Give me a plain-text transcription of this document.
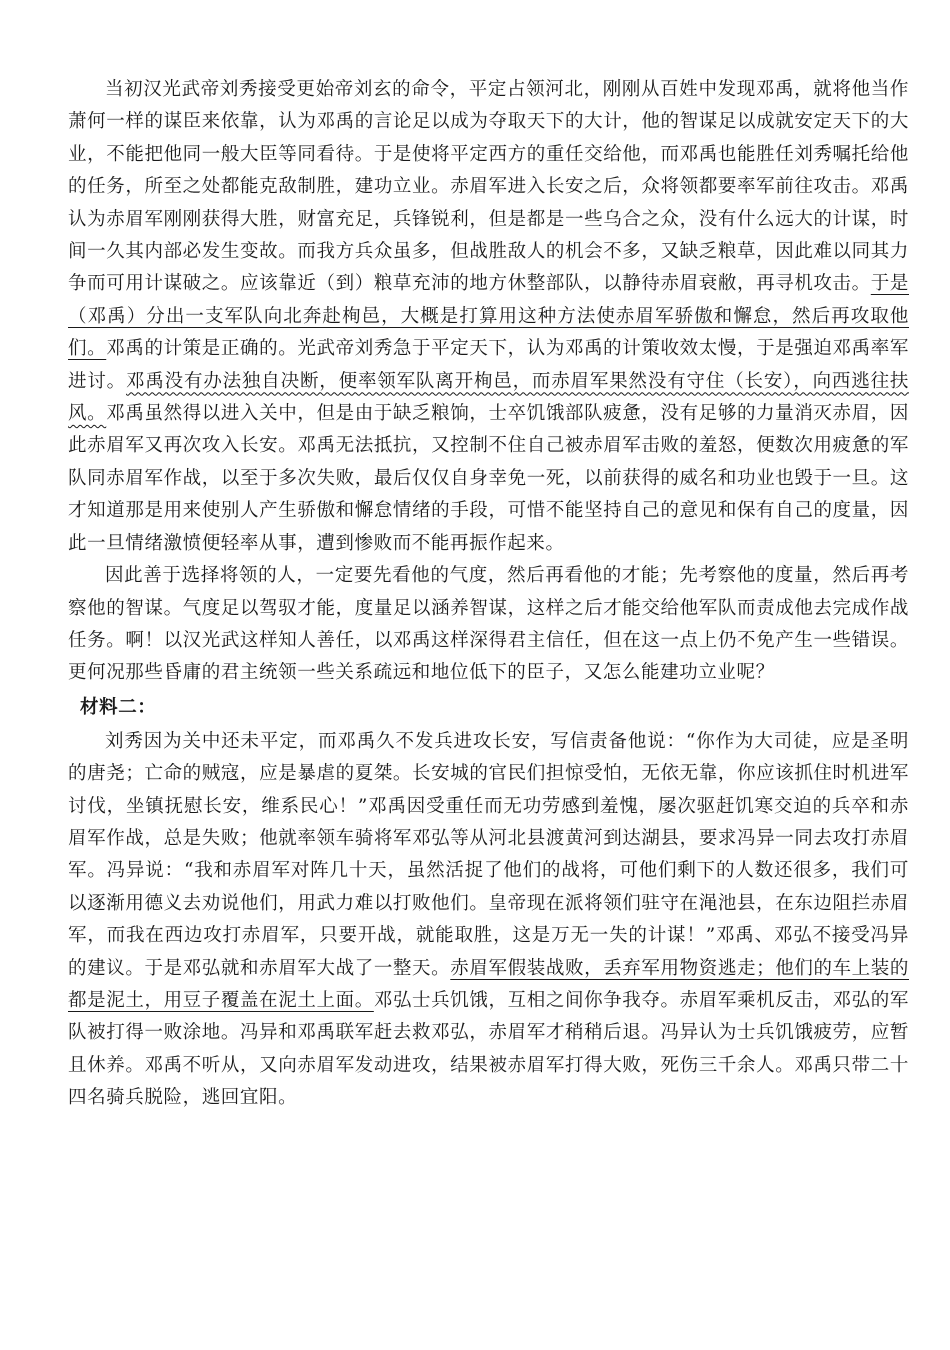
当初汉光武帝刘秀接受更始帝刘玄的命令，平定占领河北，刚刚从百姓中发现邓禹，就将他当作萧何一样的谋臣来依靠，认为邓禹的言论足以成为夺取天下的大计，他的智谋足以成就安定天下的大业，不能把他同一般大臣等同看待。于是使将平定西方的重任交给他，而邓禹也能胜任刘秀嘱托给他的任务，所至之处都能克敌制胜，建功立业。赤眉军进入长安之后，众将领都要率军前往攻击。邓禹认为赤眉军刚刚获得大胜，财富充足，兵锋锐利，但是都是一些乌合之众，没有什么远大的计谋，时间一久其内部必发生变故。而我方兵众虽多，但战胜敌人的机会不多，又缺乏粮草，因此难以同其力争而可用计谋破之。应该靠近（到）粮草充沛的地方休整部队，以静待赤眉衰敝，再寻机攻击。于是（邓禹）分出一支军队向北奔赴栒邑，大概是打算用这种方法使赤眉军骄傲和懈怠，然后再攻取他们。邓禹的计策是正确的。光武帝刘秀急于平定天下，认为邓禹的计策收效太慢，于是强迫邓禹率军进讨。邓禹没有办法独自决断，便率领军队离开栒邑，而赤眉军果然没有守住（长安），向西逃往扶风。邓禹虽然得以进入关中，但是由于缺乏粮饷，士卒饥饿部队疲惫，没有足够的力量消灭赤眉，因此赤眉军又再次攻入长安。邓禹无法抵抗，又控制不住自己被赤眉军击败的羞怒，便数次用疲惫的军队同赤眉军作战，以至于多次失败，最后仅仅自身幸免一死，以前获得的威名和功业也毁于一旦。这才知道那是用来使别人产生骄傲和懈怠情绪的手段，可惜不能坚持自己的意见和保有自己的度量，因此一旦情绪激愤便轻率从事，遭到惨败而不能再振作起来。

因此善于选择将领的人，一定要先看他的气度，然后再看他的才能；先考察他的度量，然后再考察他的智谋。气度足以驾驭才能，度量足以涵养智谋，这样之后才能交给他军队而责成他去完成作战任务。啊！以汉光武这样知人善任，以邓禹这样深得君主信任，但在这一点上仍不免产生一些错误。更何况那些昏庸的君主统领一些关系疏远和地位低下的臣子，又怎么能建功立业呢？

材料二：

刘秀因为关中还未平定，而邓禹久不发兵进攻长安，写信责备他说：“你作为大司徒，应是圣明的唐尧；亡命的贼寇，应是暴虐的夏桀。长安城的官民们担惊受怕，无依无靠，你应该抓住时机进军讨伐，坐镇抚慰长安，维系民心！”邓禹因受重任而无功劳感到羞愧，屡次驱赶饥寒交迫的兵卒和赤眉军作战，总是失败；他就率领车骑将军邓弘等从河北县渡黄河到达湖县，要求冯异一同去攻打赤眉军。冯异说：“我和赤眉军对阵几十天，虽然活捉了他们的战将，可他们剩下的人数还很多，我们可以逐渐用德义去劝说他们，用武力难以打败他们。皇帝现在派将领们驻守在渑池县，在东边阻拦赤眉军，而我在西边攻打赤眉军，只要开战，就能取胜，这是万无一失的计谋！”邓禹、邓弘不接受冯异的建议。于是邓弘就和赤眉军大战了一整天。赤眉军假装战败，丢弃军用物资逃走；他们的车上装的都是泥土，用豆子覆盖在泥土上面。邓弘士兵饥饿，互相之间你争我夺。赤眉军乘机反击，邓弘的军队被打得一败涂地。冯异和邓禹联军赶去救邓弘，赤眉军才稍稍后退。冯异认为士兵饥饿疲劳，应暂且休养。邓禹不听从，又向赤眉军发动进攻，结果被赤眉军打得大败，死伤三千余人。邓禹只带二十四名骑兵脱险，逃回宜阳。
